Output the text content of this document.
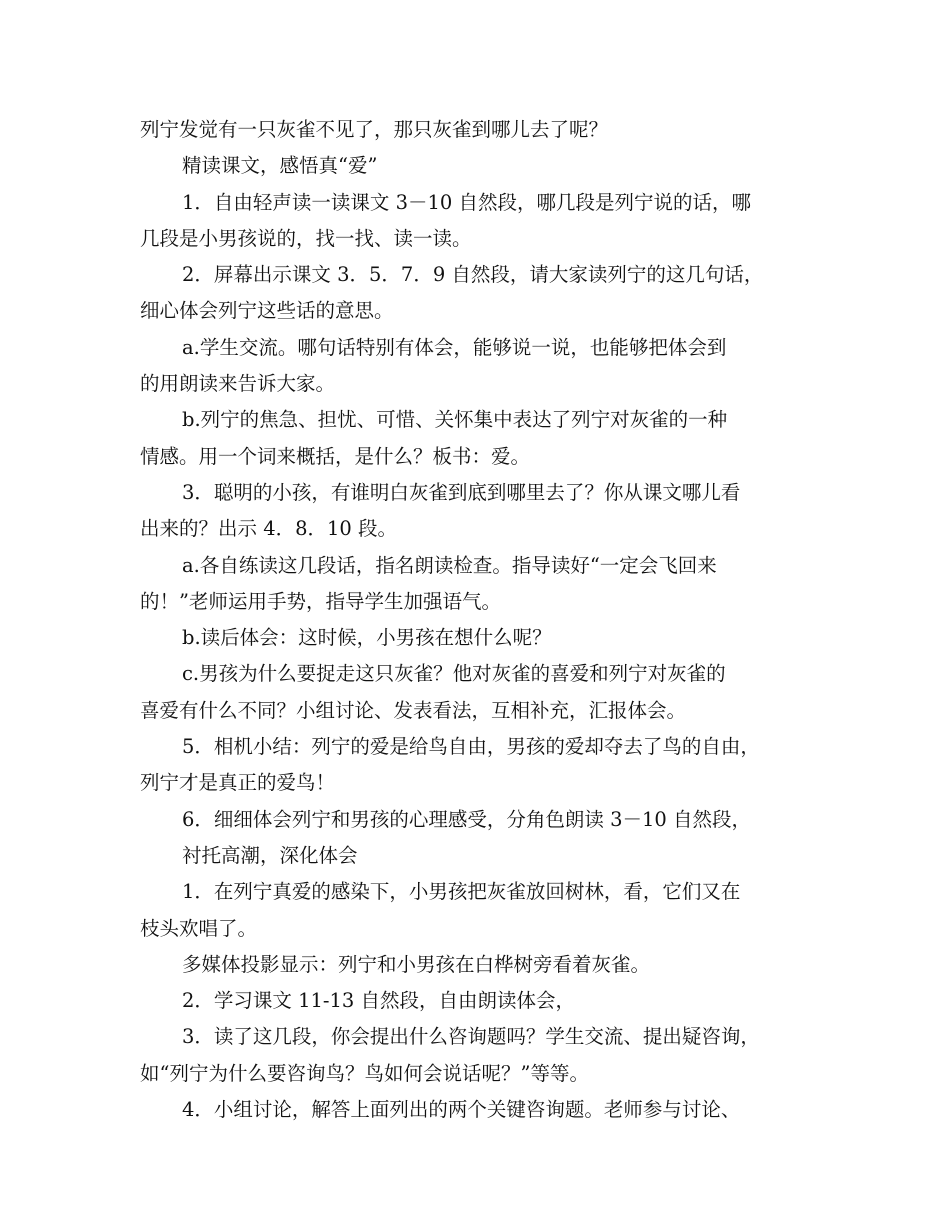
列宁发觉有一只灰雀不见了，那只灰雀到哪儿去了呢？
精读课文，感悟真“爱”
1．自由轻声读一读课文 3－10 自然段，哪几段是列宁说的话，哪
几段是小男孩说的，找一找、读一读。
2．屏幕出示课文 3．5．7．9 自然段，请大家读列宁的这几句话，
细心体会列宁这些话的意思。
a.学生交流。哪句话特别有体会，能够说一说，也能够把体会到
的用朗读来告诉大家。
b.列宁的焦急、担忧、可惜、关怀集中表达了列宁对灰雀的一种
情感。用一个词来概括，是什么？板书：爱。
3．聪明的小孩，有谁明白灰雀到底到哪里去了？你从课文哪儿看
出来的？出示 4．8．10 段。
a.各自练读这几段话，指名朗读检查。指导读好“一定会飞回来
的！”老师运用手势，指导学生加强语气。
b.读后体会：这时候，小男孩在想什么呢？
c.男孩为什么要捉走这只灰雀？他对灰雀的喜爱和列宁对灰雀的
喜爱有什么不同？小组讨论、发表看法，互相补充，汇报体会。
5．相机小结：列宁的爱是给鸟自由，男孩的爱却夺去了鸟的自由，
列宁才是真正的爱鸟！
6．细细体会列宁和男孩的心理感受，分角色朗读 3－10 自然段，
衬托高潮，深化体会
1．在列宁真爱的感染下，小男孩把灰雀放回树林，看，它们又在
枝头欢唱了。
多媒体投影显示：列宁和小男孩在白桦树旁看着灰雀。
2．学习课文 11-13 自然段，自由朗读体会，
3．读了这几段，你会提出什么咨询题吗？学生交流、提出疑咨询，
如“列宁为什么要咨询鸟？鸟如何会说话呢？”等等。
4．小组讨论，解答上面列出的两个关键咨询题。老师参与讨论、
